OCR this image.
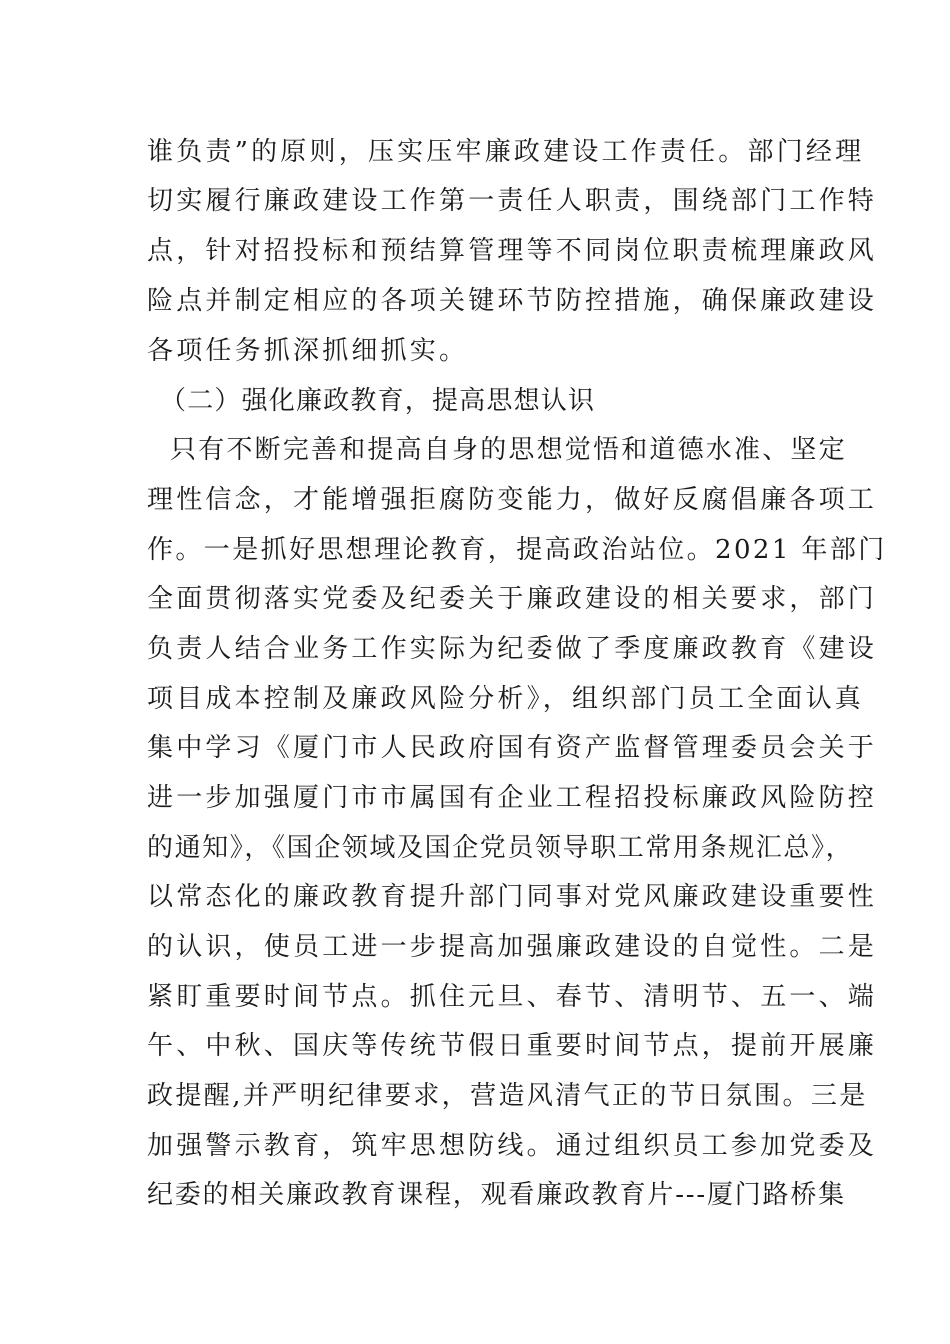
谁负责”的原则，压实压牢廉政建设工作责任。部门经理
切实履行廉政建设工作第一责任人职责，围绕部门工作特
点，针对招投标和预结算管理等不同岗位职责梳理廉政风
险点并制定相应的各项关键环节防控措施，确保廉政建设
各项任务抓深抓细抓实。
（二）强化廉政教育，提高思想认识
只有不断完善和提高自身的思想觉悟和道德水准、坚定
理性信念，才能增强拒腐防变能力，做好反腐倡廉各项工
作。一是抓好思想理论教育，提高政治站位。2021 年部门
全面贯彻落实党委及纪委关于廉政建设的相关要求，部门
负责人结合业务工作实际为纪委做了季度廉政教育《建设
项目成本控制及廉政风险分析》，组织部门员工全面认真
集中学习《厦门市人民政府国有资产监督管理委员会关于
进一步加强厦门市市属国有企业工程招投标廉政风险防控
的通知》，《国企领域及国企党员领导职工常用条规汇总》，
以常态化的廉政教育提升部门同事对党风廉政建设重要性
的认识，使员工进一步提高加强廉政建设的自觉性。二是
紧盯重要时间节点。抓住元旦、春节、清明节、五一、端
午、中秋、国庆等传统节假日重要时间节点，提前开展廉
政提醒,并严明纪律要求，营造风清气正的节日氛围。三是
加强警示教育，筑牢思想防线。通过组织员工参加党委及
纪委的相关廉政教育课程，观看廉政教育片---厦门路桥集
